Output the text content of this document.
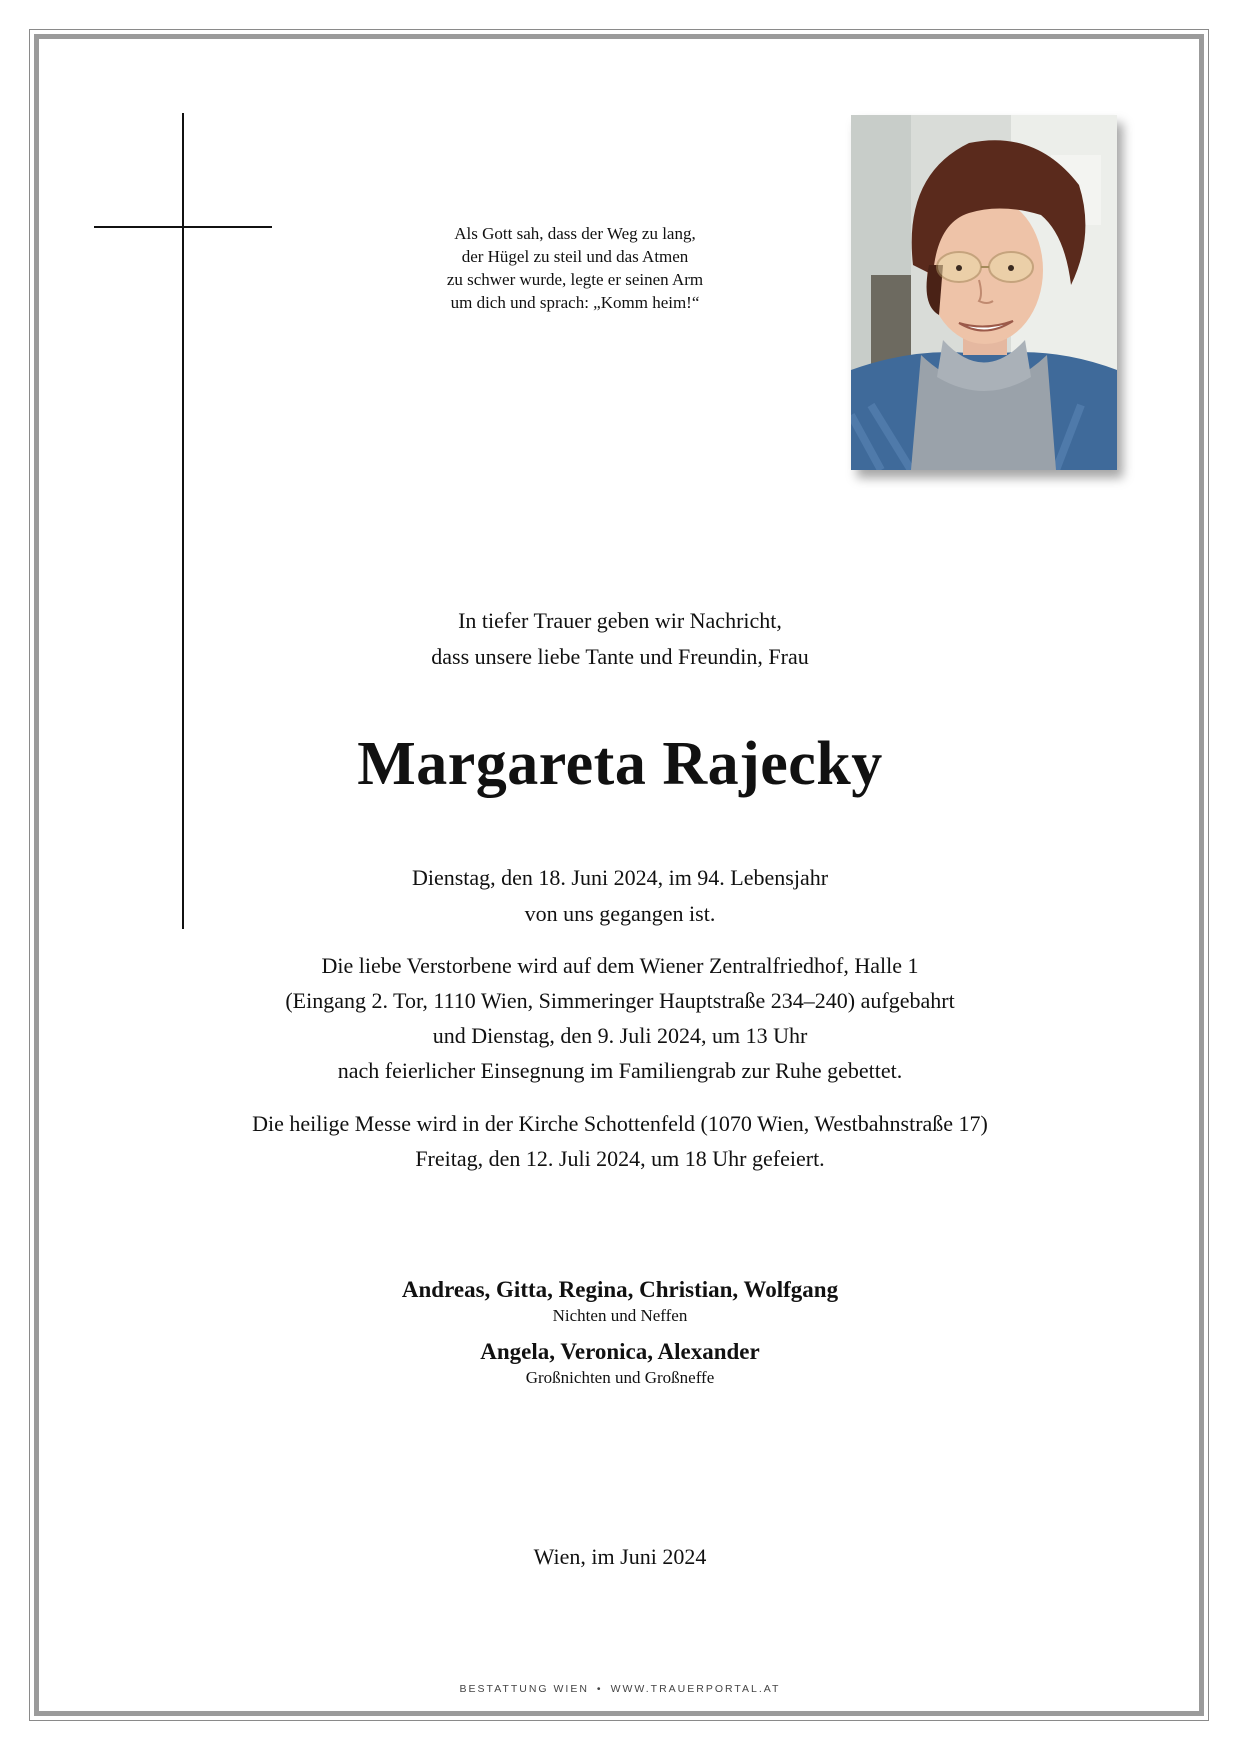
Als Gott sah, dass der Weg zu lang,
der Hügel zu steil und das Atmen
zu schwer wurde, legte er seinen Arm
um dich und sprach: „Komm heim!“
In tiefer Trauer geben wir Nachricht,
dass unsere liebe Tante und Freundin, Frau
Margareta Rajecky
Dienstag, den 18. Juni 2024, im 94. Lebensjahr
von uns gegangen ist.
Die liebe Verstorbene wird auf dem Wiener Zentralfriedhof, Halle 1
(Eingang 2. Tor, 1110 Wien, Simmeringer Hauptstraße 234–240) aufgebahrt
und Dienstag, den 9. Juli 2024, um 13 Uhr
nach feierlicher Einsegnung im Familiengrab zur Ruhe gebettet.
Die heilige Messe wird in der Kirche Schottenfeld (1070 Wien, Westbahnstraße 17)
Freitag, den 12. Juli 2024, um 18 Uhr gefeiert.
Andreas, Gitta, Regina, Christian, Wolfgang
Nichten und Neffen
Angela, Veronica, Alexander
Großnichten und Großneffe
Wien, im Juni 2024
BESTATTUNG WIEN • WWW.TRAUERPORTAL.AT
